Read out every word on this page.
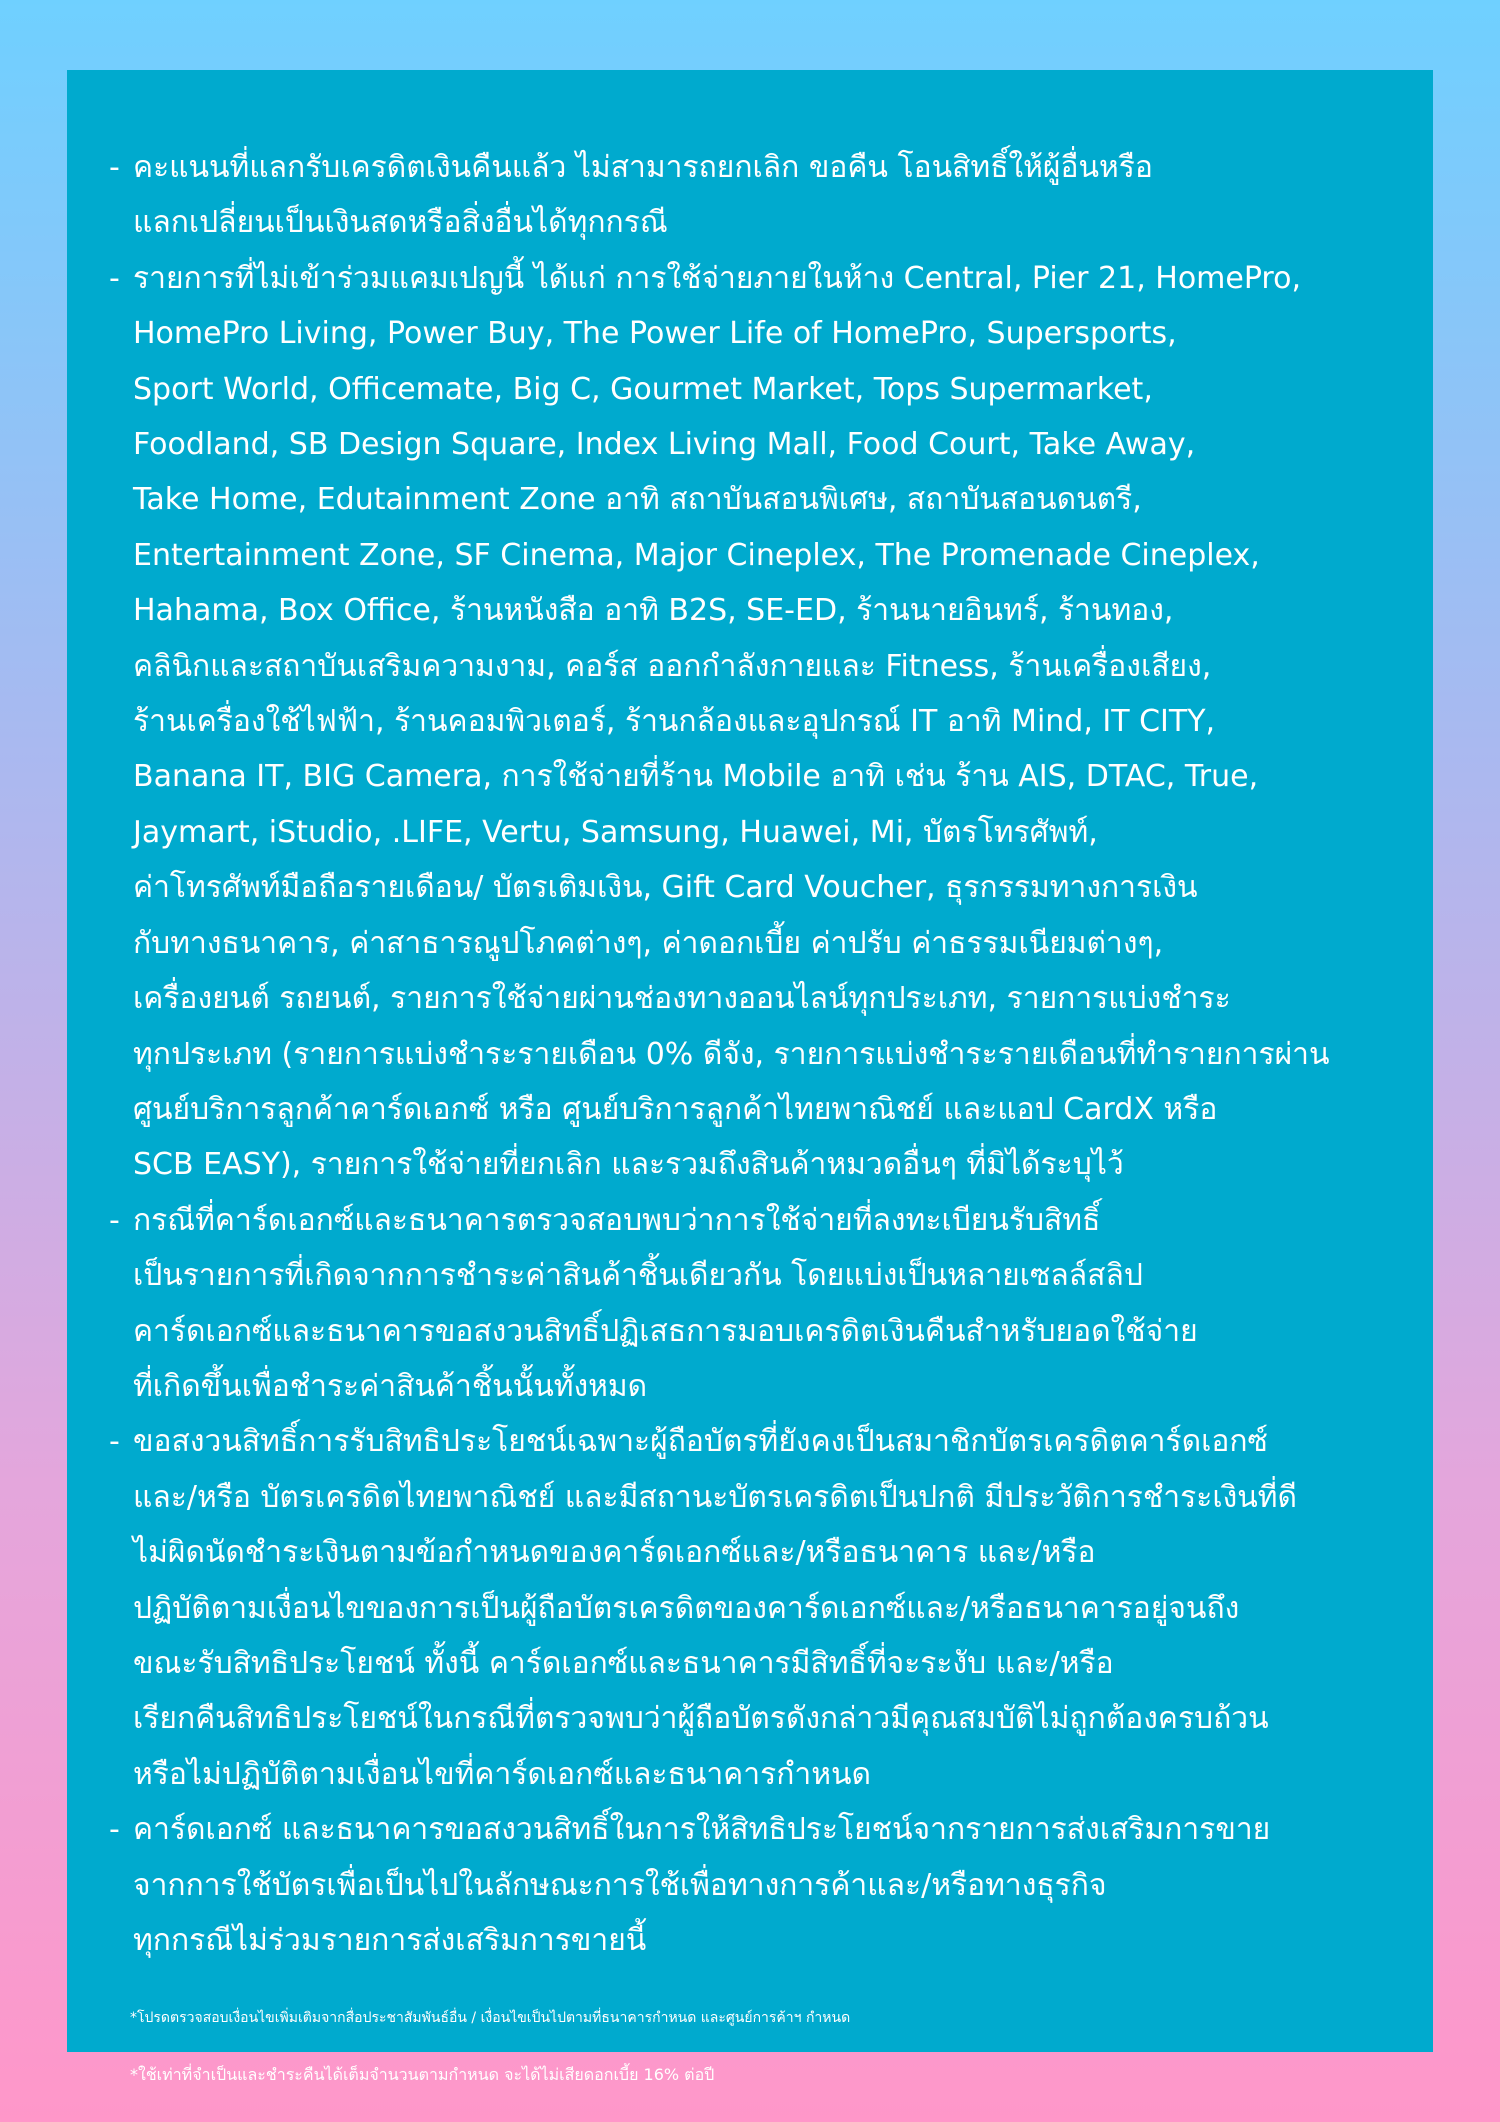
- คะแนนที่แลกรับเครดิตเงินคืนแล้ว ไม่สามารถยกเลิก ขอคืน โอนสิทธิ์ให้ผู้อื่นหรือ
แลกเปลี่ยนเป็นเงินสดหรือสิ่งอื่นได้ทุกกรณี
- รายการที่ไม่เข้าร่วมแคมเปญนี้ ได้แก่ การใช้จ่ายภายในห้าง Central, Pier 21, HomePro,
HomePro Living, Power Buy, The Power Life of HomePro, Supersports,
Sport World, Officemate, Big C, Gourmet Market, Tops Supermarket,
Foodland, SB Design Square, Index Living Mall, Food Court, Take Away,
Take Home, Edutainment Zone อาทิ สถาบันสอนพิเศษ, สถาบันสอนดนตรี,
Entertainment Zone, SF Cinema, Major Cineplex, The Promenade Cineplex,
Hahama, Box Office, ร้านหนังสือ อาทิ B2S, SE-ED, ร้านนายอินทร์, ร้านทอง,
คลินิกและสถาบันเสริมความงาม, คอร์ส ออกกำลังกายและ Fitness, ร้านเครื่องเสียง,
ร้านเครื่องใช้ไฟฟ้า, ร้านคอมพิวเตอร์, ร้านกล้องและอุปกรณ์ IT อาทิ Mind, IT CITY,
Banana IT, BIG Camera, การใช้จ่ายที่ร้าน Mobile อาทิ เช่น ร้าน AIS, DTAC, True,
Jaymart, iStudio, .LIFE, Vertu, Samsung, Huawei, Mi, บัตรโทรศัพท์,
ค่าโทรศัพท์มือถือรายเดือน/ บัตรเติมเงิน, Gift Card Voucher, ธุรกรรมทางการเงิน
กับทางธนาคาร, ค่าสาธารณูปโภคต่างๆ, ค่าดอกเบี้ย ค่าปรับ ค่าธรรมเนียมต่างๆ,
เครื่องยนต์ รถยนต์, รายการใช้จ่ายผ่านช่องทางออนไลน์ทุกประเภท, รายการแบ่งชำระ
ทุกประเภท (รายการแบ่งชำระรายเดือน 0% ดีจัง, รายการแบ่งชำระรายเดือนที่ทำรายการผ่าน
ศูนย์บริการลูกค้าคาร์ดเอกซ์ หรือ ศูนย์บริการลูกค้าไทยพาณิชย์ และแอป CardX หรือ
SCB EASY), รายการใช้จ่ายที่ยกเลิก และรวมถึงสินค้าหมวดอื่นๆ ที่มิได้ระบุไว้
- กรณีที่คาร์ดเอกซ์และธนาคารตรวจสอบพบว่าการใช้จ่ายที่ลงทะเบียนรับสิทธิ์
เป็นรายการที่เกิดจากการชำระค่าสินค้าชิ้นเดียวกัน โดยแบ่งเป็นหลายเซลล์สลิป
คาร์ดเอกซ์และธนาคารขอสงวนสิทธิ์ปฏิเสธการมอบเครดิตเงินคืนสำหรับยอดใช้จ่าย
ที่เกิดขึ้นเพื่อชำระค่าสินค้าชิ้นนั้นทั้งหมด
- ขอสงวนสิทธิ์การรับสิทธิประโยชน์เฉพาะผู้ถือบัตรที่ยังคงเป็นสมาชิกบัตรเครดิตคาร์ดเอกซ์
และ/หรือ บัตรเครดิตไทยพาณิชย์ และมีสถานะบัตรเครดิตเป็นปกติ มีประวัติการชำระเงินที่ดี
ไม่ผิดนัดชำระเงินตามข้อกำหนดของคาร์ดเอกซ์และ/หรือธนาคาร และ/หรือ
ปฏิบัติตามเงื่อนไขของการเป็นผู้ถือบัตรเครดิตของคาร์ดเอกซ์และ/หรือธนาคารอยู่จนถึง
ขณะรับสิทธิประโยชน์ ทั้งนี้ คาร์ดเอกซ์และธนาคารมีสิทธิ์ที่จะระงับ และ/หรือ
เรียกคืนสิทธิประโยชน์ในกรณีที่ตรวจพบว่าผู้ถือบัตรดังกล่าวมีคุณสมบัติไม่ถูกต้องครบถ้วน
หรือไม่ปฏิบัติตามเงื่อนไขที่คาร์ดเอกซ์และธนาคารกำหนด
- คาร์ดเอกซ์ และธนาคารขอสงวนสิทธิ์ในการให้สิทธิประโยชน์จากรายการส่งเสริมการขาย
จากการใช้บัตรเพื่อเป็นไปในลักษณะการใช้เพื่อทางการค้าและ/หรือทางธุรกิจ
ทุกกรณีไม่ร่วมรายการส่งเสริมการขายนี้
*โปรดตรวจสอบเงื่อนไขเพิ่มเติมจากสื่อประชาสัมพันธ์อื่น / เงื่อนไขเป็นไปตามที่ธนาคารกำหนด และศูนย์การค้าฯ กำหนด
*ใช้เท่าที่จำเป็นและชำระคืนได้เต็มจำนวนตามกำหนด จะได้ไม่เสียดอกเบี้ย 16% ต่อปี
